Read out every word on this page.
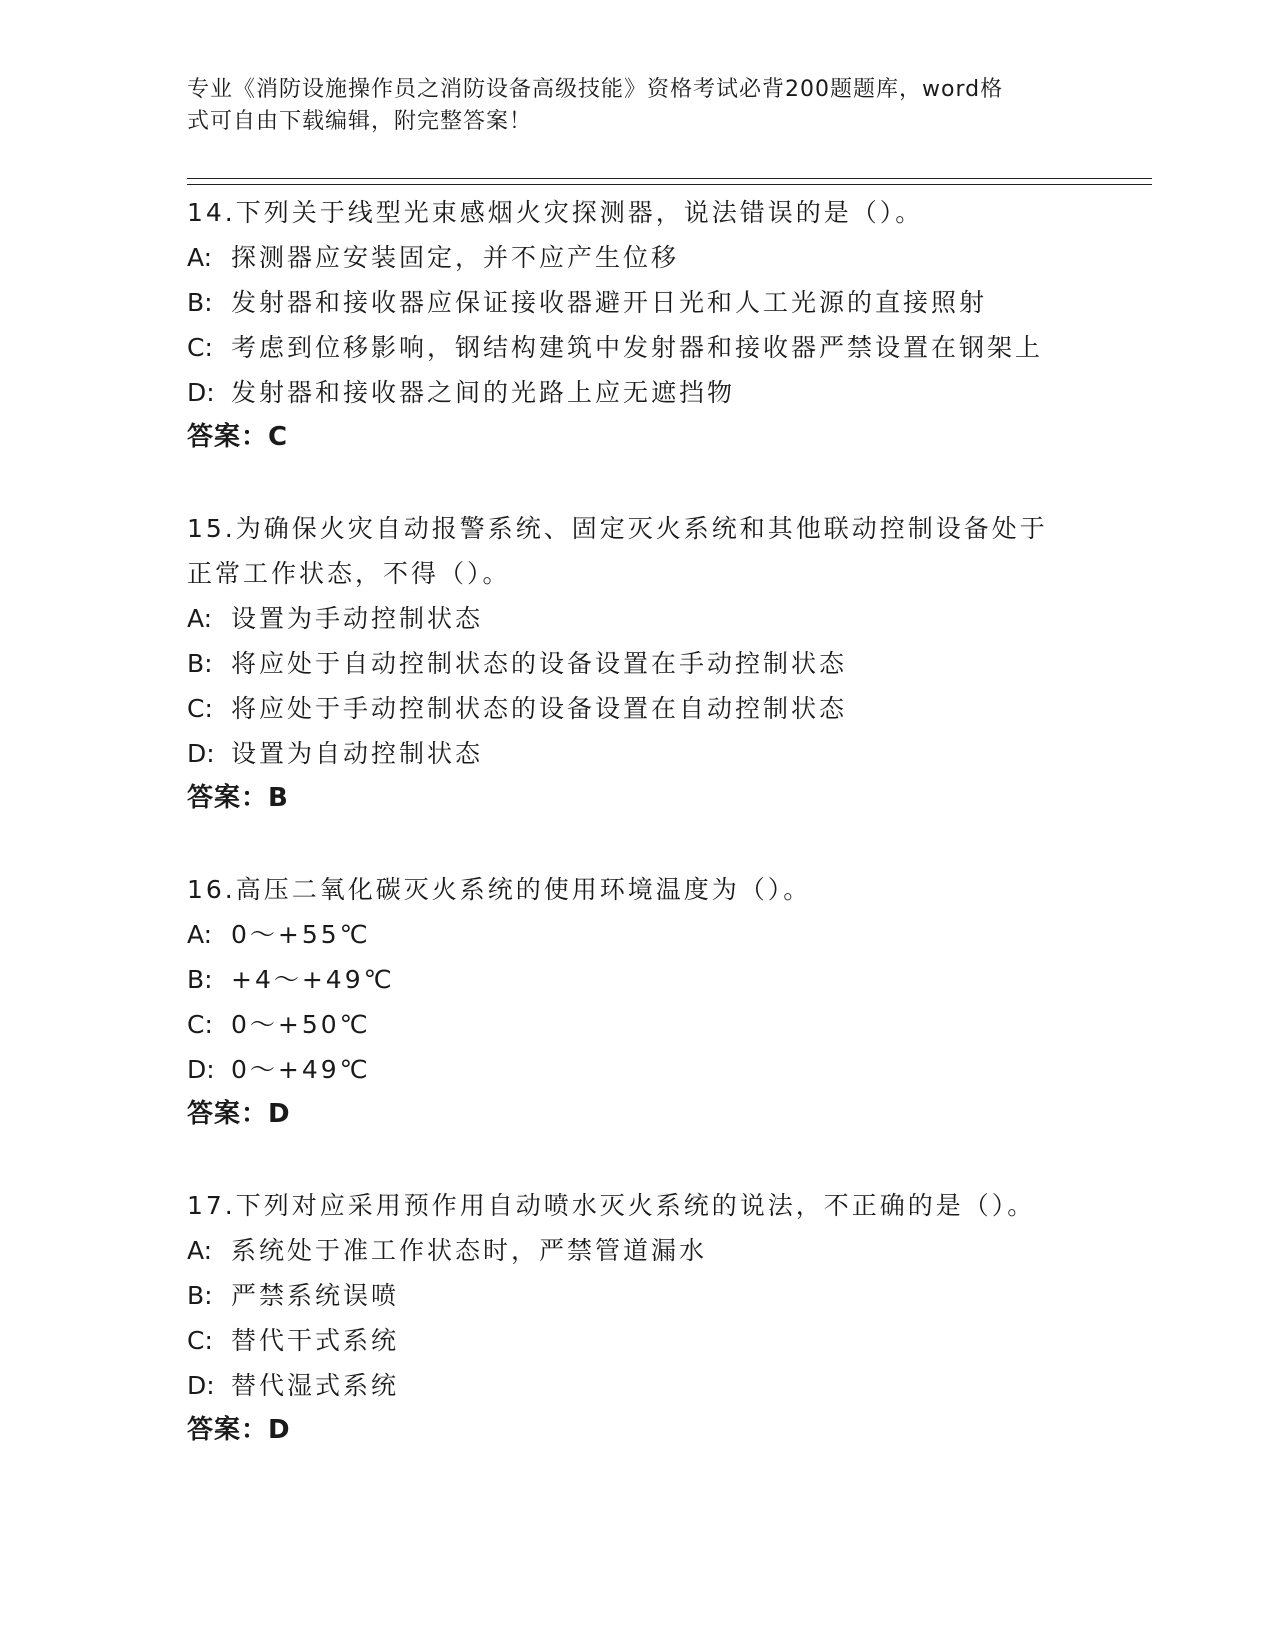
专业《消防设施操作员之消防设备高级技能》资格考试必背200题题库，word格
式可自由下载编辑，附完整答案！
14.下列关于线型光束感烟火灾探测器，说法错误的是（）。
A: 探测器应安装固定，并不应产生位移
B: 发射器和接收器应保证接收器避开日光和人工光源的直接照射
C: 考虑到位移影响，钢结构建筑中发射器和接收器严禁设置在钢架上
D: 发射器和接收器之间的光路上应无遮挡物
答案：C
15.为确保火灾自动报警系统、固定灭火系统和其他联动控制设备处于
正常工作状态，不得（）。
A: 设置为手动控制状态
B: 将应处于自动控制状态的设备设置在手动控制状态
C: 将应处于手动控制状态的设备设置在自动控制状态
D: 设置为自动控制状态
答案：B
16.高压二氧化碳灭火系统的使用环境温度为（）。
A: 0～+55℃
B: +4～+49℃
C: 0～+50℃
D: 0～+49℃
答案：D
17.下列对应采用预作用自动喷水灭火系统的说法，不正确的是（）。
A: 系统处于准工作状态时，严禁管道漏水
B: 严禁系统误喷
C: 替代干式系统
D: 替代湿式系统
答案：D
